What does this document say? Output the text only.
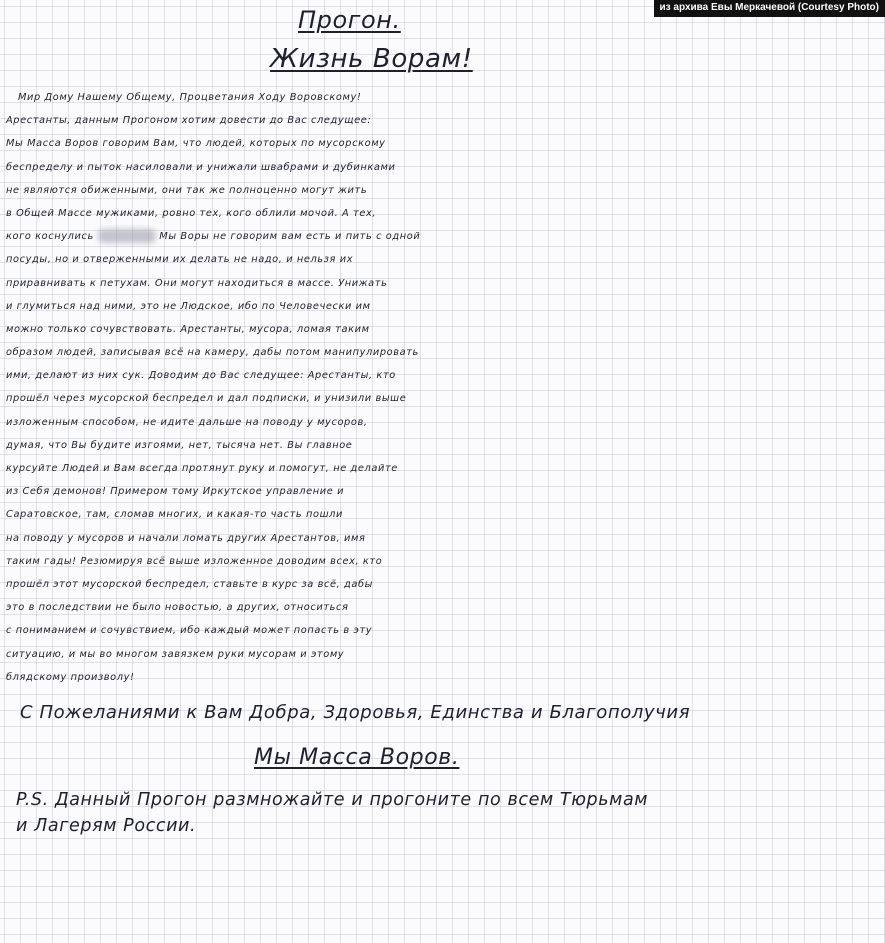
из архива Евы Меркачевой (Courtesy Photo)
Прогон.
Жизнь Ворам!
Мир Дому Нашему Общему, Процветания Ходу Воровскому!
Арестанты, данным Прогоном хотим довести до Вас следущее:
Мы Масса Воров говорим Вам, что людей, которых по мусорскому
беспределу и пыток насиловали и унижали швабрами и дубинками
не являются обиженными, они так же полноценно могут жить
в Общей Массе мужиками, ровно тех, кого облили мочой. А тех,
кого коснулись	Мы Воры не говорим вам есть и пить с одной
посуды, но и отверженными их делать не надо, и нельзя их
приравнивать к петухам. Они могут находиться в массе. Унижать
и глумиться над ними, это не Людское, ибо по Человечески им
можно только сочувствовать. Арестанты, мусора, ломая таким
образом людей, записывая всё на камеру, дабы потом манипулировать
ими, делают из них сук. Доводим до Вас следущее: Арестанты, кто
прошёл через мусорской беспредел и дал подписки, и унизили выше
изложенным способом, не идите дальше на поводу у мусоров,
думая, что Вы будите изгоями, нет, тысяча нет. Вы главное
курсуйте Людей и Вам всегда протянут руку и помогут, не делайте
из Себя демонов! Примером тому Иркутское управление и
Саратовское, там, сломав многих, и какая-то часть пошли
на поводу у мусоров и начали ломать других Арестантов, имя
таким гады! Резюмируя всё выше изложенное доводим всех, кто
прошёл этот мусорской беспредел, ставьте в курс за всё, дабы
это в последствии не было новостью, а других, относиться
с пониманием и сочувствием, ибо каждый может попасть в эту
ситуацию, и мы во многом завязкем руки мусорам и этому
блядскому произволу!
С Пожеланиями к Вам Добра, Здоровья, Единства и Благополучия
Мы Масса Воров.
P.S. Данный Прогон размножайте и прогоните по всем Тюрьмам
и Лагерям России.
